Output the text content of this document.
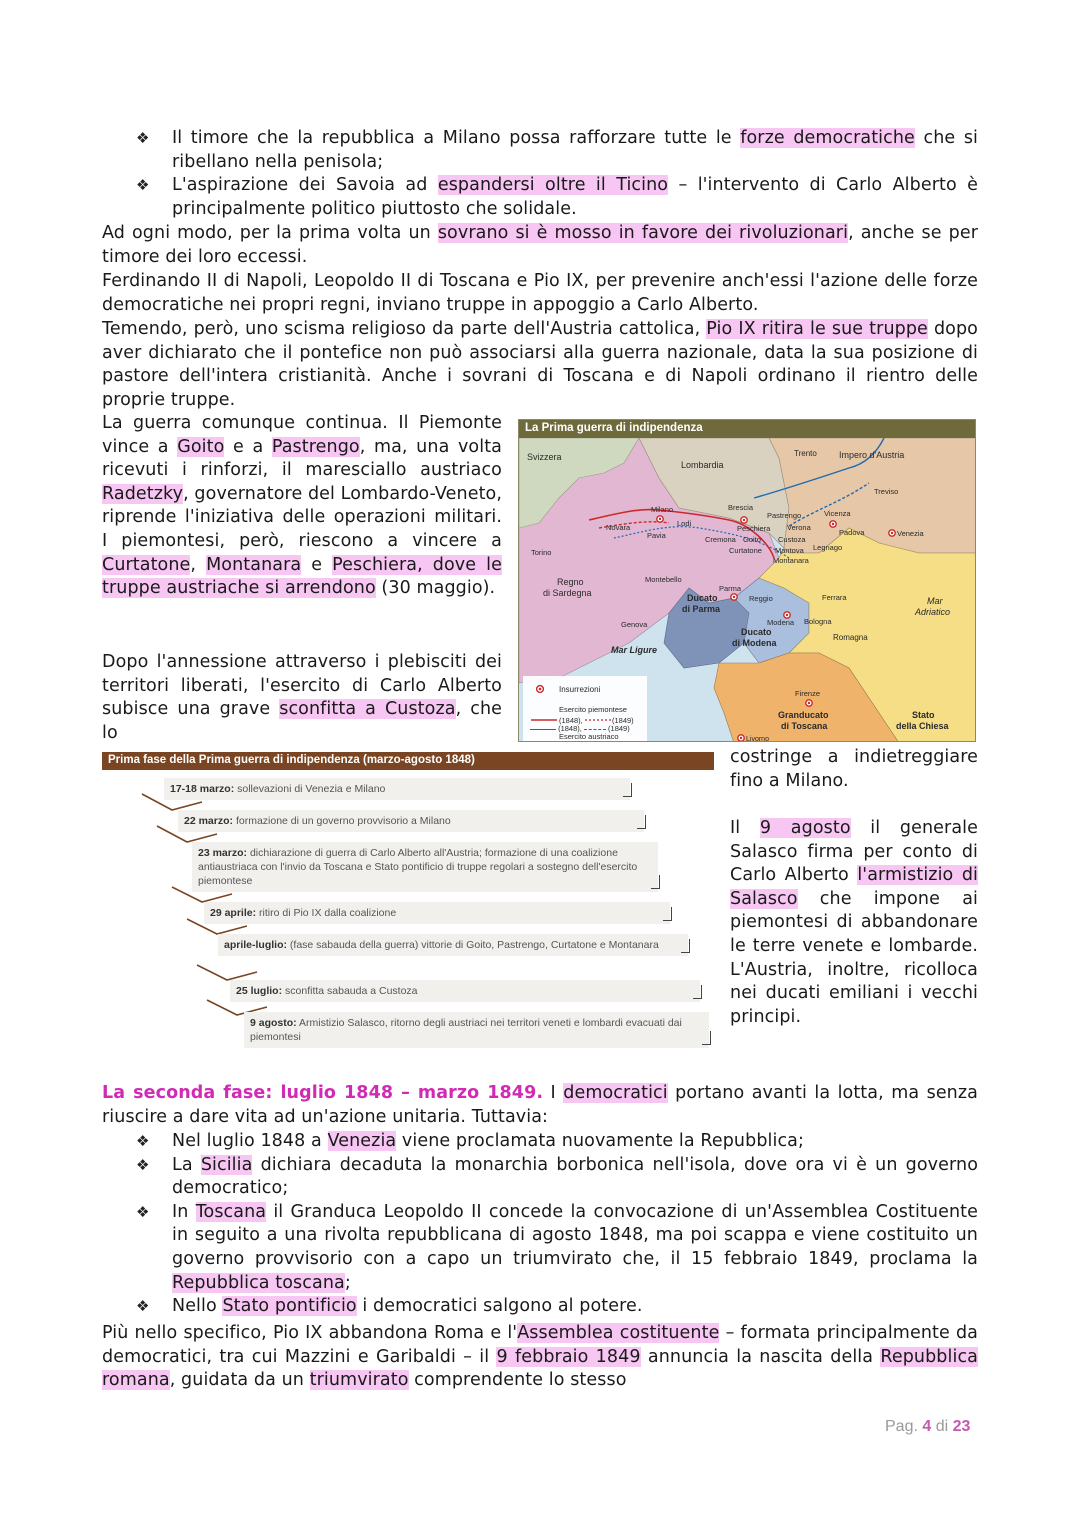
❖ Il timore che la repubblica a Milano possa rafforzare tutte le forze democratiche che si ribellano nella penisola;
❖ L'aspirazione dei Savoia ad espandersi oltre il Ticino – l'intervento di Carlo Alberto è principalmente politico piuttosto che solidale.
Ad ogni modo, per la prima volta un sovrano si è mosso in favore dei rivoluzionari, anche se per timore dei loro eccessi.
Ferdinando II di Napoli, Leopoldo II di Toscana e Pio IX, per prevenire anch'essi l'azione delle forze democratiche nei propri regni, inviano truppe in appoggio a Carlo Alberto.
Temendo, però, uno scisma religioso da parte dell'Austria cattolica, Pio IX ritira le sue truppe dopo aver dichiarato che il pontefice non può associarsi alla guerra nazionale, data la sua posizione di pastore dell'intera cristianità. Anche i sovrani di Toscana e di Napoli ordinano il rientro delle proprie truppe.
La guerra comunque continua. Il Piemonte vince a Goito e a Pastrengo, ma, una volta ricevuti i rinforzi, il maresciallo austriaco Radetzky, governatore del Lombardo-Veneto, riprende l'iniziativa delle operazioni militari. I piemontesi, però, riescono a vincere a Curtatone, Montanara e Peschiera, dove le truppe austriache si arrendono (30 maggio).
Dopo l'annessione attraverso i plebisciti dei territori liberati, l'esercito di Carlo Alberto subisce una grave sconfitta a Custoza, che lo
La Prima guerra di indipendenza
Svizzera
Lombardia
Trento Impero d'Austria
Treviso
Venezia
Milano
Novara	Lodi
Brescia
Pastrengo	Vicenza
Peschiera Verona
Padova
Pavia	Cremona Goito Custoza
Curtatone Mantova Legnago
Montanara
Torino
Regno
di Sardegna
Montebello
Parma
Ducato
di Parma
Reggio	Ferrara	Mar
Adriatico
Modena Bologna
Ducato
di Modena
Romagna
Genova
Mar Ligure
Firenze
Granducato
di Toscana
Stato
della Chiesa
Livorno
Insurrezioni
Esercito piemontese
(1848),	(1849)
Esercito austriaco
(1848),	(1849)
costringe a indietreggiare fino a Milano.
Il 9 agosto il generale Salasco firma per conto di Carlo Alberto l'armistizio di Salasco che impone ai piemontesi di abbandonare le terre venete e lombarde. L'Austria, inoltre, ricolloca nei ducati emiliani i vecchi principi.
Prima fase della Prima guerra di indipendenza (marzo-agosto 1848)
17-18 marzo: sollevazioni di Venezia e Milano
22 marzo: formazione di un governo provvisorio a Milano
23 marzo: dichiarazione di guerra di Carlo Alberto all'Austria; formazione di una coalizione antiaustriaca con l'invio da Toscana e Stato pontificio di truppe regolari a sostegno dell'esercito piemontese
29 aprile: ritiro di Pio IX dalla coalizione
aprile-luglio: (fase sabauda della guerra) vittorie di Goito, Pastrengo, Curtatone e Montanara
25 luglio: sconfitta sabauda a Custoza
9 agosto: Armistizio Salasco, ritorno degli austriaci nei territori veneti e lombardi evacuati dai piemontesi
La seconda fase: luglio 1848 – marzo 1849. I democratici portano avanti la lotta, ma senza riuscire a dare vita ad un'azione unitaria. Tuttavia:
❖ Nel luglio 1848 a Venezia viene proclamata nuovamente la Repubblica;
❖ La Sicilia dichiara decaduta la monarchia borbonica nell'isola, dove ora vi è un governo democratico;
❖ In Toscana il Granduca Leopoldo II concede la convocazione di un'Assemblea Costituente in seguito a una rivolta repubblicana di agosto 1848, ma poi scappa e viene costituito un governo provvisorio con a capo un triumvirato che, il 15 febbraio 1849, proclama la Repubblica toscana;
❖ Nello Stato pontificio i democratici salgono al potere.
Più nello specifico, Pio IX abbandona Roma e l'Assemblea costituente – formata principalmente da democratici, tra cui Mazzini e Garibaldi – il 9 febbraio 1849 annuncia la nascita della Repubblica romana, guidata da un triumvirato comprendente lo stesso
Pag. 4 di 23
